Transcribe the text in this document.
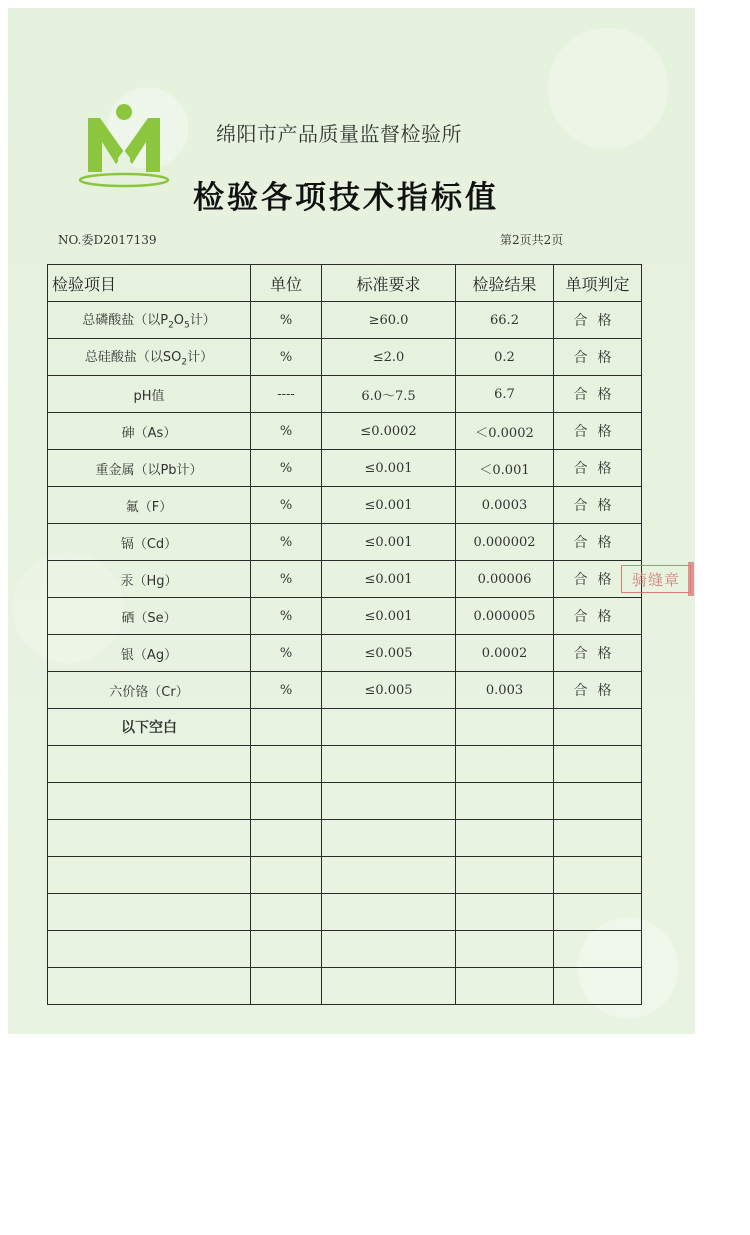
绵阳市产品质量监督检验所
检验各项技术指标值
NO.委D2017139	第2页共2页
检验项目	单位	标准要求	检验结果	单项判定
总磷酸盐（以$P_2O_5$计）	%	≥60.0	66.2	合格
总硅酸盐（以$SO_2$计）	%	≤2.0	0.2	合格
pH值	----	6.0～7.5	6.7	合格
砷（As）	%	≤0.0002	＜0.0002	合格
重金属（以Pb计）	%	≤0.001	＜0.001	合格
氟（F）	%	≤0.001	0.0003	合格
镉（Cd）	%	≤0.001	0.000002	合格
汞（Hg）	%	≤0.001	0.00006	合格
硒（Se）	%	≤0.001	0.000005	合格
银（Ag）	%	≤0.005	0.0002	合格
六价铬（Cr）	%	≤0.005	0.003	合格
以下空白				

骑缝章
